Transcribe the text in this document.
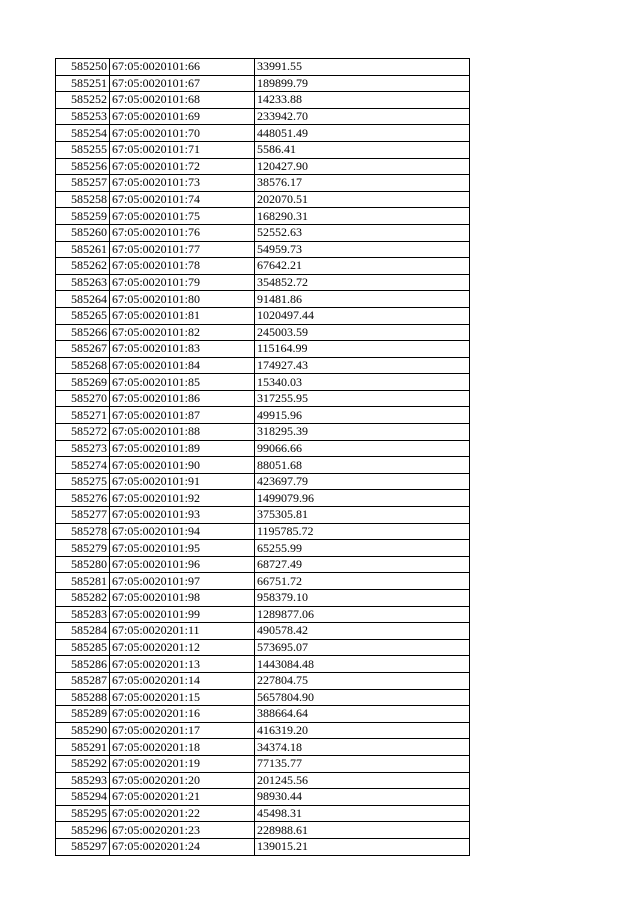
585250	67:05:0020101:66	33991.55
585251	67:05:0020101:67	189899.79
585252	67:05:0020101:68	14233.88
585253	67:05:0020101:69	233942.70
585254	67:05:0020101:70	448051.49
585255	67:05:0020101:71	5586.41
585256	67:05:0020101:72	120427.90
585257	67:05:0020101:73	38576.17
585258	67:05:0020101:74	202070.51
585259	67:05:0020101:75	168290.31
585260	67:05:0020101:76	52552.63
585261	67:05:0020101:77	54959.73
585262	67:05:0020101:78	67642.21
585263	67:05:0020101:79	354852.72
585264	67:05:0020101:80	91481.86
585265	67:05:0020101:81	1020497.44
585266	67:05:0020101:82	245003.59
585267	67:05:0020101:83	115164.99
585268	67:05:0020101:84	174927.43
585269	67:05:0020101:85	15340.03
585270	67:05:0020101:86	317255.95
585271	67:05:0020101:87	49915.96
585272	67:05:0020101:88	318295.39
585273	67:05:0020101:89	99066.66
585274	67:05:0020101:90	88051.68
585275	67:05:0020101:91	423697.79
585276	67:05:0020101:92	1499079.96
585277	67:05:0020101:93	375305.81
585278	67:05:0020101:94	1195785.72
585279	67:05:0020101:95	65255.99
585280	67:05:0020101:96	68727.49
585281	67:05:0020101:97	66751.72
585282	67:05:0020101:98	958379.10
585283	67:05:0020101:99	1289877.06
585284	67:05:0020201:11	490578.42
585285	67:05:0020201:12	573695.07
585286	67:05:0020201:13	1443084.48
585287	67:05:0020201:14	227804.75
585288	67:05:0020201:15	5657804.90
585289	67:05:0020201:16	388664.64
585290	67:05:0020201:17	416319.20
585291	67:05:0020201:18	34374.18
585292	67:05:0020201:19	77135.77
585293	67:05:0020201:20	201245.56
585294	67:05:0020201:21	98930.44
585295	67:05:0020201:22	45498.31
585296	67:05:0020201:23	228988.61
585297	67:05:0020201:24	139015.21
